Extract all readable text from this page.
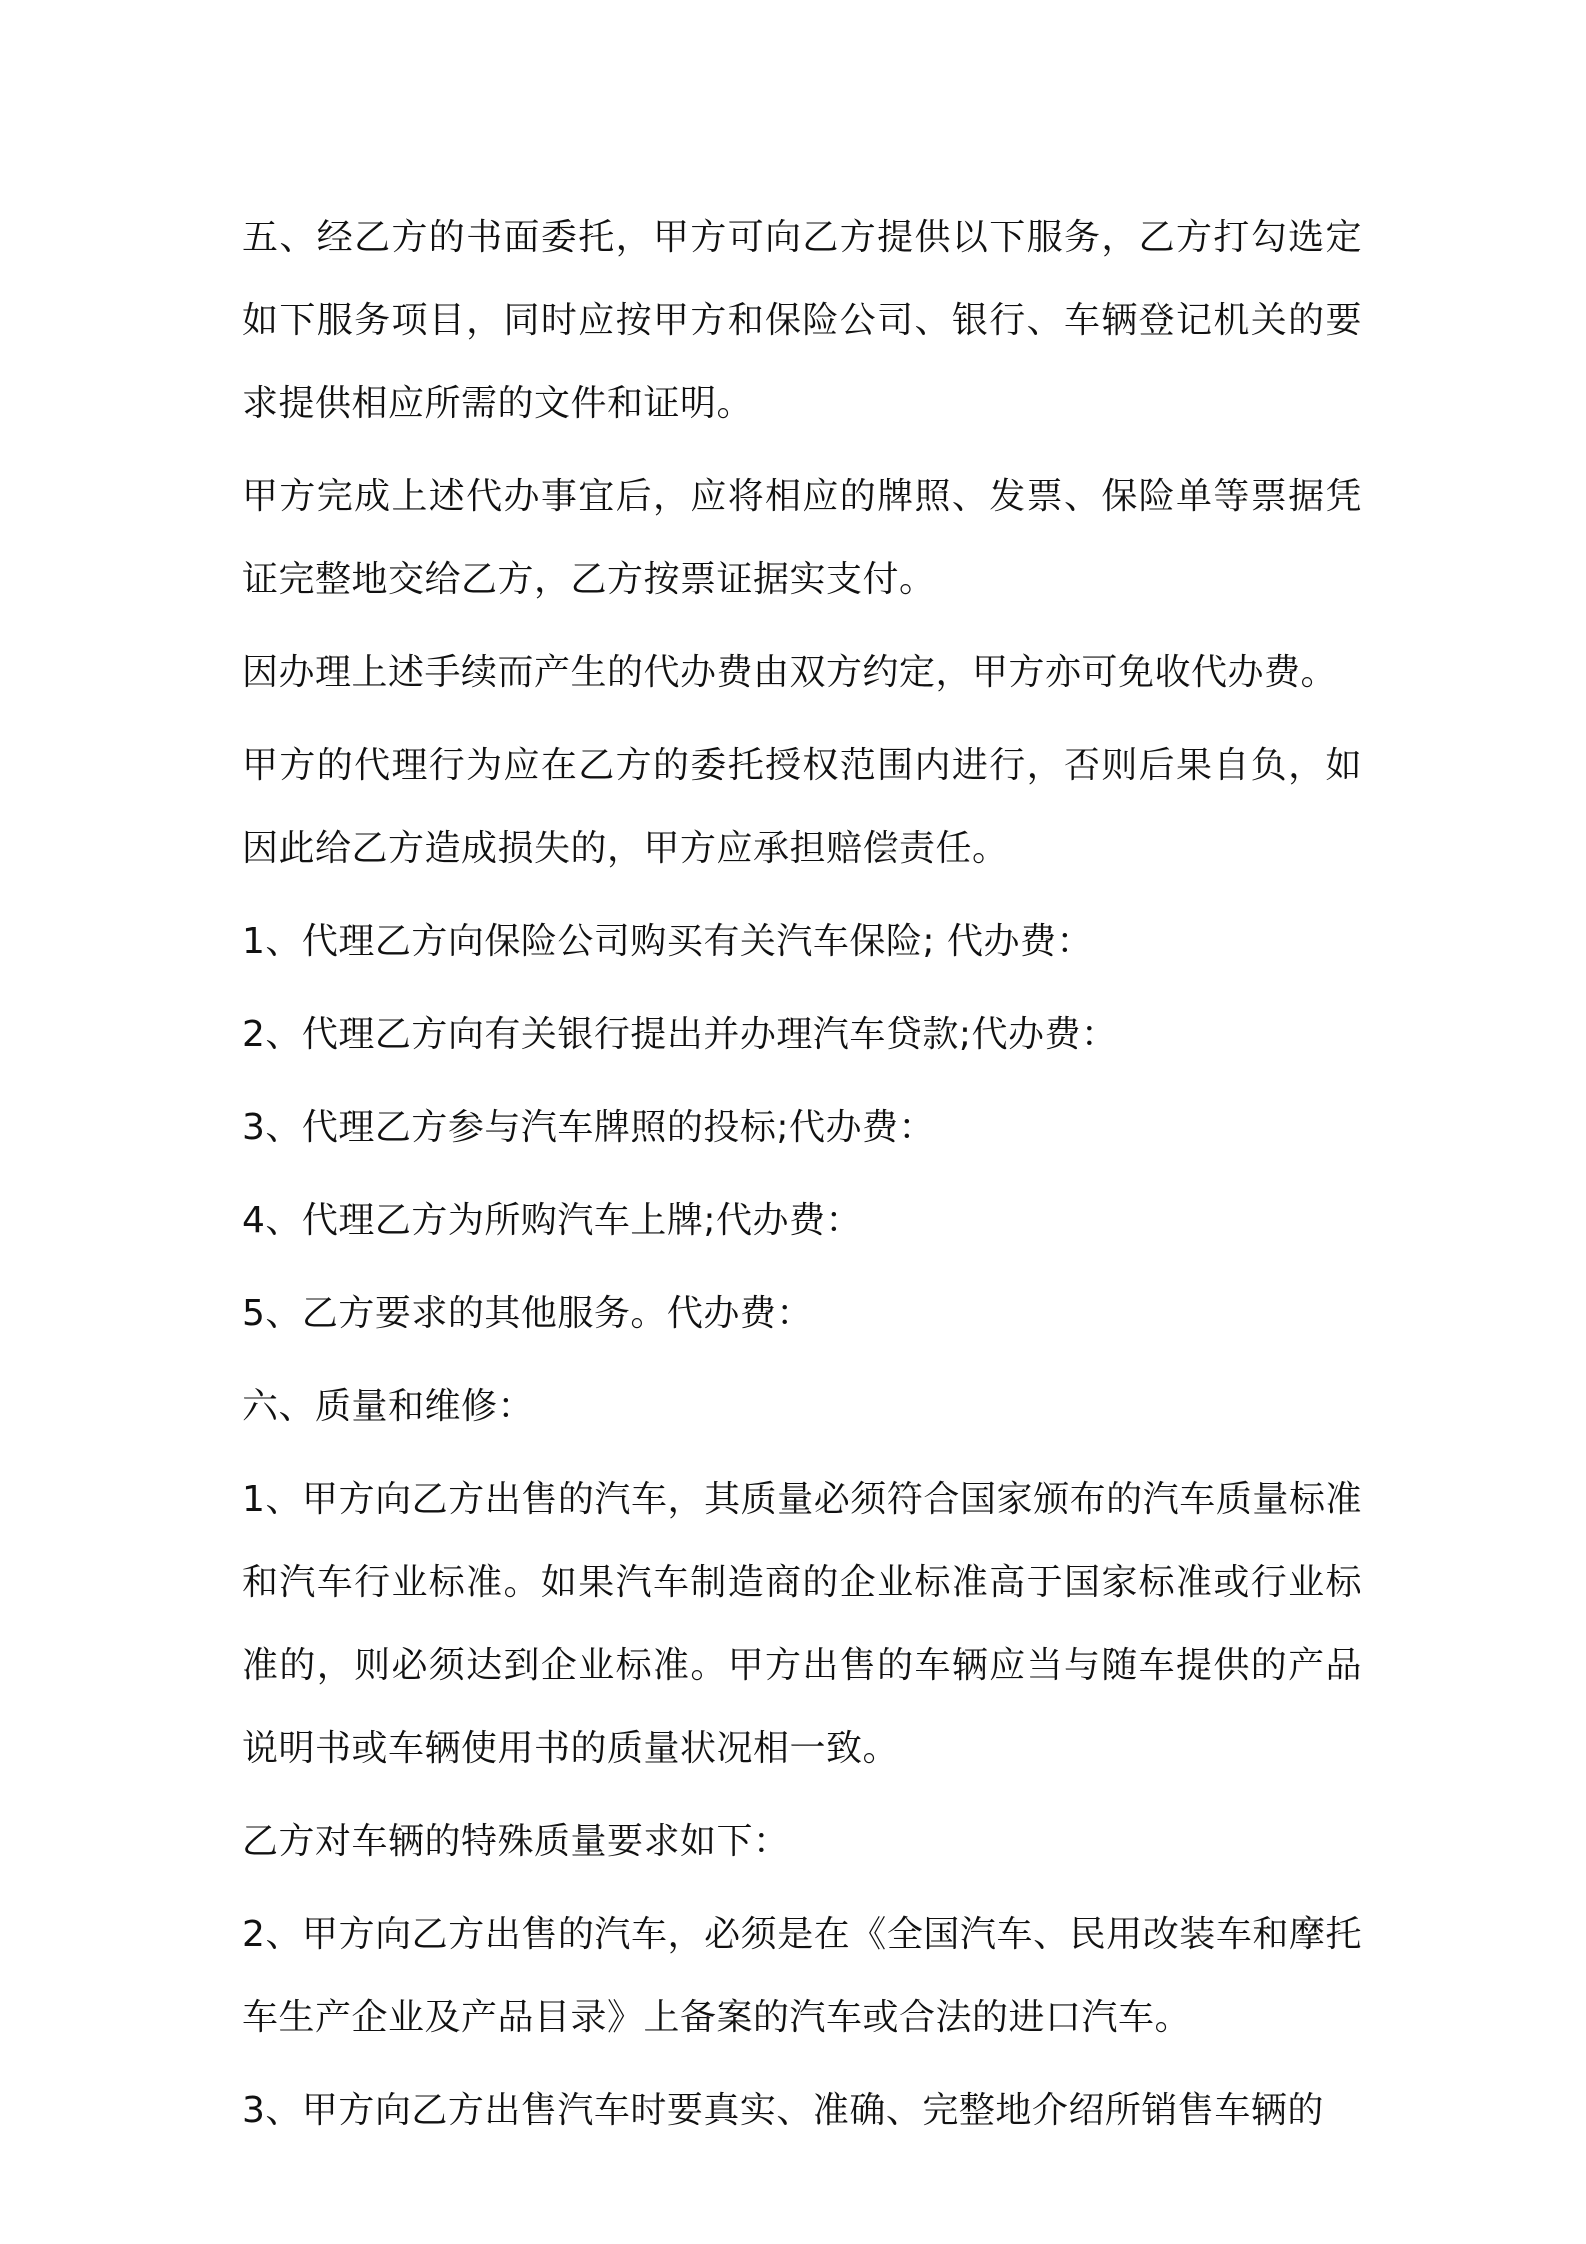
五、经乙方的书面委托，甲方可向乙方提供以下服务，乙方打勾选定如下服务项目，同时应按甲方和保险公司、银行、车辆登记机关的要求提供相应所需的文件和证明。

甲方完成上述代办事宜后，应将相应的牌照、发票、保险单等票据凭证完整地交给乙方，乙方按票证据实支付。

因办理上述手续而产生的代办费由双方约定，甲方亦可免收代办费。

甲方的代理行为应在乙方的委托授权范围内进行，否则后果自负，如因此给乙方造成损失的，甲方应承担赔偿责任。

1、代理乙方向保险公司购买有关汽车保险; 代办费：

2、代理乙方向有关银行提出并办理汽车贷款;代办费：

3、代理乙方参与汽车牌照的投标;代办费：

4、代理乙方为所购汽车上牌;代办费：

5、乙方要求的其他服务。代办费：

六、质量和维修：

1、甲方向乙方出售的汽车，其质量必须符合国家颁布的汽车质量标准和汽车行业标准。如果汽车制造商的企业标准高于国家标准或行业标准的，则必须达到企业标准。甲方出售的车辆应当与随车提供的产品说明书或车辆使用书的质量状况相一致。

乙方对车辆的特殊质量要求如下：

2、甲方向乙方出售的汽车，必须是在《全国汽车、民用改装车和摩托车生产企业及产品目录》上备案的汽车或合法的进口汽车。

3、甲方向乙方出售汽车时要真实、准确、完整地介绍所销售车辆的
